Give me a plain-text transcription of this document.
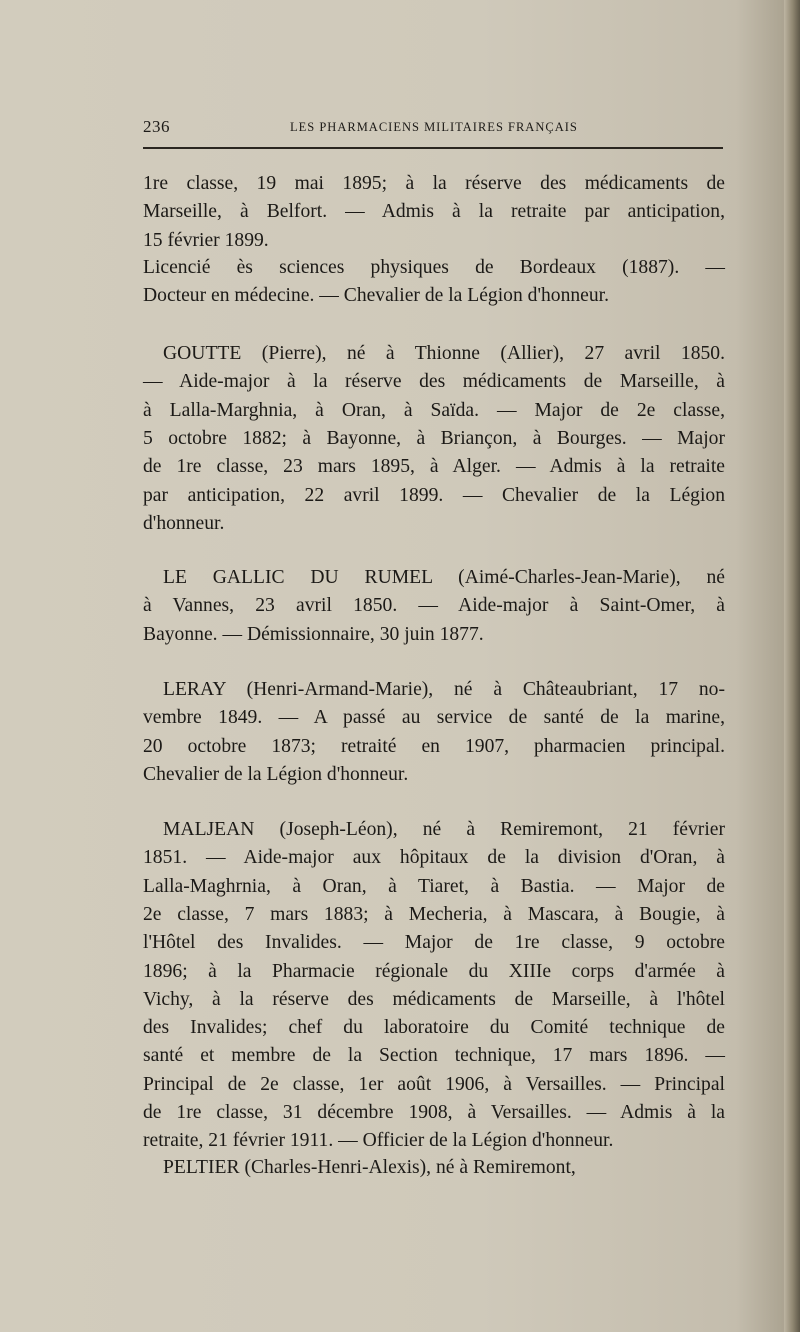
236	LES PHARMACIENS MILITAIRES FRANÇAIS
1re classe, 19 mai 1895; à la réserve des médicaments de
Marseille, à Belfort. — Admis à la retraite par anticipation,
15 février 1899.
Licencié ès sciences physiques de Bordeaux (1887). —
Docteur en médecine. — Chevalier de la Légion d'honneur.
GOUTTE (Pierre), né à Thionne (Allier), 27 avril 1850.
— Aide-major à la réserve des médicaments de Marseille, à
à Lalla-Marghnia, à Oran, à Saïda. — Major de 2e classe,
5 octobre 1882; à Bayonne, à Briançon, à Bourges. — Major
de 1re classe, 23 mars 1895, à Alger. — Admis à la retraite
par anticipation, 22 avril 1899. — Chevalier de la Légion
d'honneur.
LE GALLIC DU RUMEL (Aimé-Charles-Jean-Marie), né
à Vannes, 23 avril 1850. — Aide-major à Saint-Omer, à
Bayonne. — Démissionnaire, 30 juin 1877.
LERAY (Henri-Armand-Marie), né à Châteaubriant, 17 no-
vembre 1849. — A passé au service de santé de la marine,
20 octobre 1873; retraité en 1907, pharmacien principal.
Chevalier de la Légion d'honneur.
MALJEAN (Joseph-Léon), né à Remiremont, 21 février
1851. — Aide-major aux hôpitaux de la division d'Oran, à
Lalla-Maghrnia, à Oran, à Tiaret, à Bastia. — Major de
2e classe, 7 mars 1883; à Mecheria, à Mascara, à Bougie, à
l'Hôtel des Invalides. — Major de 1re classe, 9 octobre
1896; à la Pharmacie régionale du XIIIe corps d'armée à
Vichy, à la réserve des médicaments de Marseille, à l'hôtel
des Invalides; chef du laboratoire du Comité technique de
santé et membre de la Section technique, 17 mars 1896. —
Principal de 2e classe, 1er août 1906, à Versailles. — Principal
de 1re classe, 31 décembre 1908, à Versailles. — Admis à la
retraite, 21 février 1911. — Officier de la Légion d'honneur.
PELTIER (Charles-Henri-Alexis), né à Remiremont,
